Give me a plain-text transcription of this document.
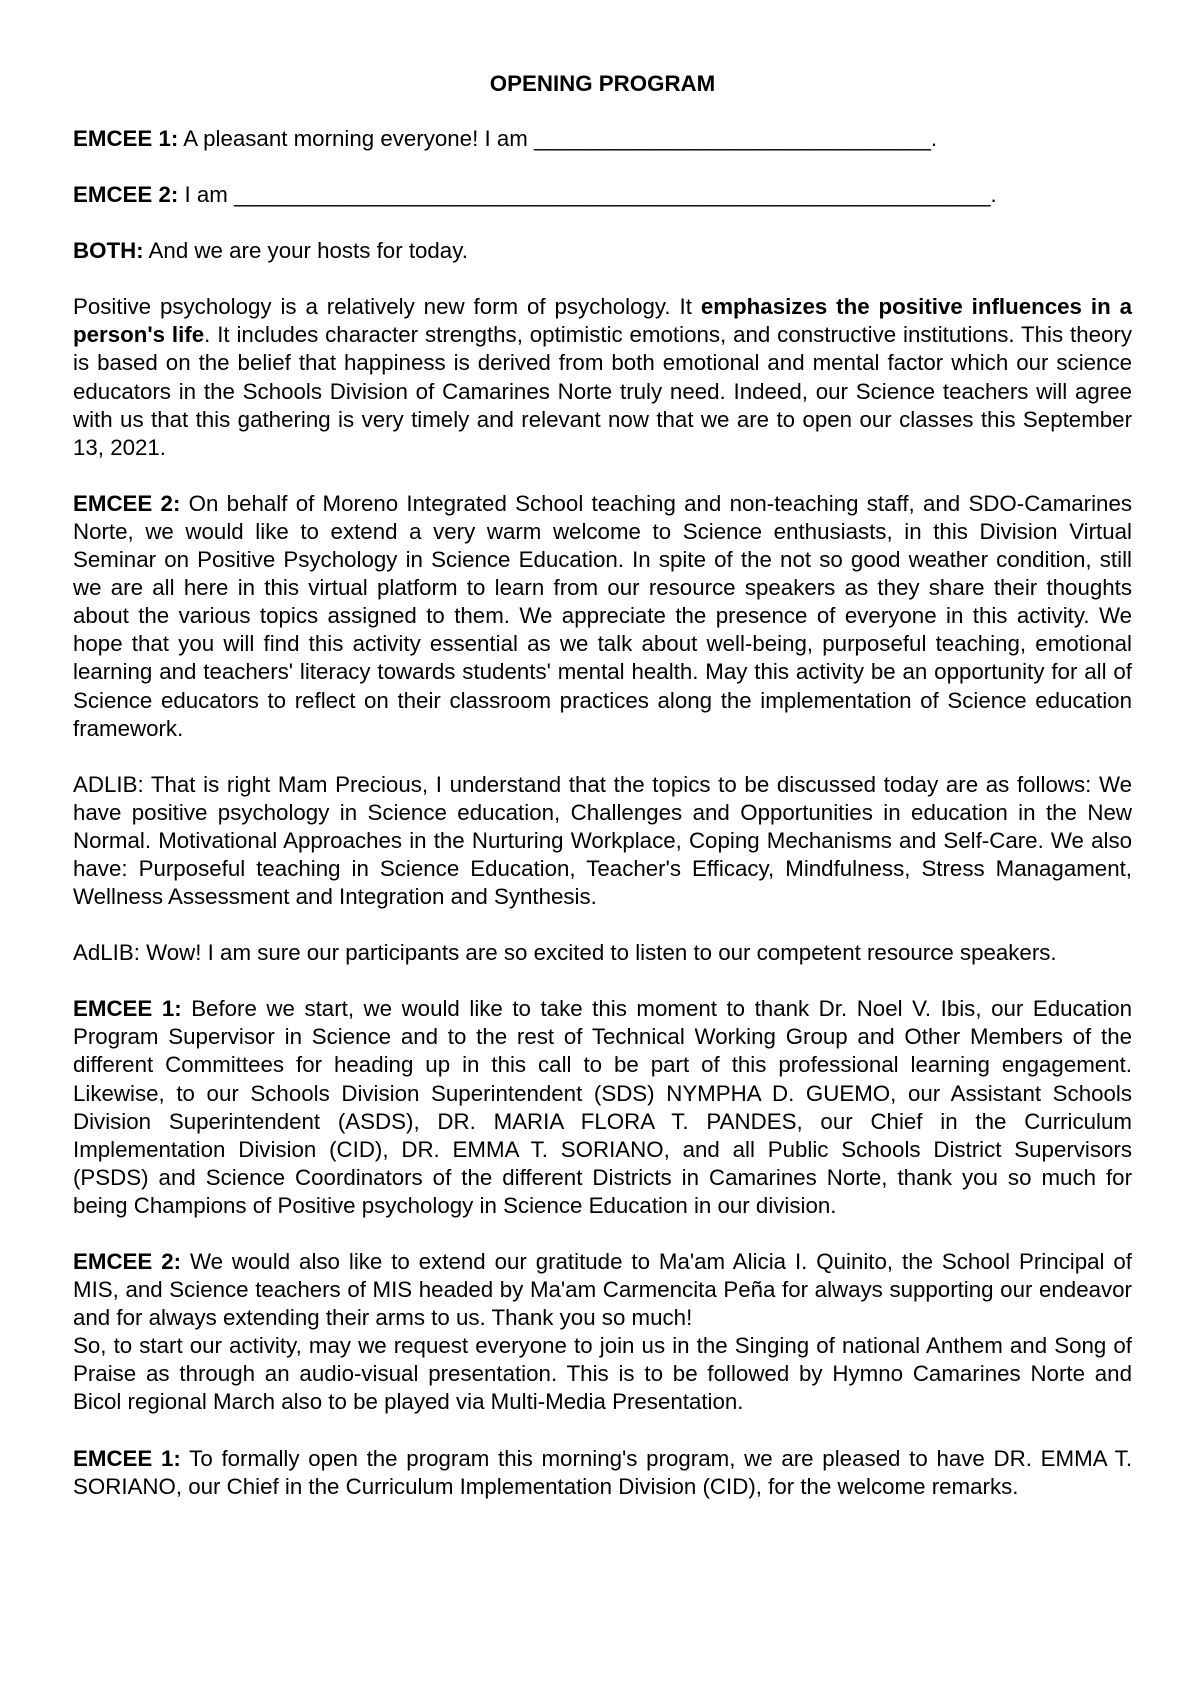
OPENING PROGRAM

EMCEE 1: A pleasant morning everyone! I am ________________________________.

EMCEE 2: I am _____________________________________________________________.

BOTH: And we are your hosts for today.

Positive psychology is a relatively new form of psychology. It emphasizes the positive influences in a person's life. It includes character strengths, optimistic emotions, and constructive institutions. This theory is based on the belief that happiness is derived from both emotional and mental factor which our science educators in the Schools Division of Camarines Norte truly need. Indeed, our Science teachers will agree with us that this gathering is very timely and relevant now that we are to open our classes this September 13, 2021.

EMCEE 2: On behalf of Moreno Integrated School teaching and non-teaching staff, and SDO-Camarines Norte, we would like to extend a very warm welcome to Science enthusiasts, in this Division Virtual Seminar on Positive Psychology in Science Education. In spite of the not so good weather condition, still we are all here in this virtual platform to learn from our resource speakers as they share their thoughts about the various topics assigned to them. We appreciate the presence of everyone in this activity. We hope that you will find this activity essential as we talk about well-being, purposeful teaching, emotional learning and teachers' literacy towards students' mental health. May this activity be an opportunity for all of Science educators to reflect on their classroom practices along the implementation of Science education framework.

ADLIB: That is right Mam Precious, I understand that the topics to be discussed today are as follows: We have positive psychology in Science education, Challenges and Opportunities in education in the New Normal. Motivational Approaches in the Nurturing Workplace, Coping Mechanisms and Self-Care. We also have: Purposeful teaching in Science Education, Teacher's Efficacy, Mindfulness, Stress Managament, Wellness Assessment and Integration and Synthesis.

AdLIB: Wow! I am sure our participants are so excited to listen to our competent resource speakers.

EMCEE 1: Before we start, we would like to take this moment to thank Dr. Noel V. Ibis, our Education Program Supervisor in Science and to the rest of Technical Working Group and Other Members of the different Committees for heading up in this call to be part of this professional learning engagement. Likewise, to our Schools Division Superintendent (SDS) NYMPHA D. GUEMO, our Assistant Schools Division Superintendent (ASDS), DR. MARIA FLORA T. PANDES, our Chief in the Curriculum Implementation Division (CID), DR. EMMA T. SORIANO, and all Public Schools District Supervisors (PSDS) and Science Coordinators of the different Districts in Camarines Norte, thank you so much for being Champions of Positive psychology in Science Education in our division.

EMCEE 2: We would also like to extend our gratitude to Ma'am Alicia I. Quinito, the School Principal of MIS, and Science teachers of MIS headed by Ma'am Carmencita Peña for always supporting our endeavor and for always extending their arms to us. Thank you so much!

So, to start our activity, may we request everyone to join us in the Singing of national Anthem and Song of Praise as through an audio-visual presentation. This is to be followed by Hymno Camarines Norte and Bicol regional March also to be played via Multi-Media Presentation.

EMCEE 1: To formally open the program this morning's program, we are pleased to have DR. EMMA T. SORIANO, our Chief in the Curriculum Implementation Division (CID), for the welcome remarks.
